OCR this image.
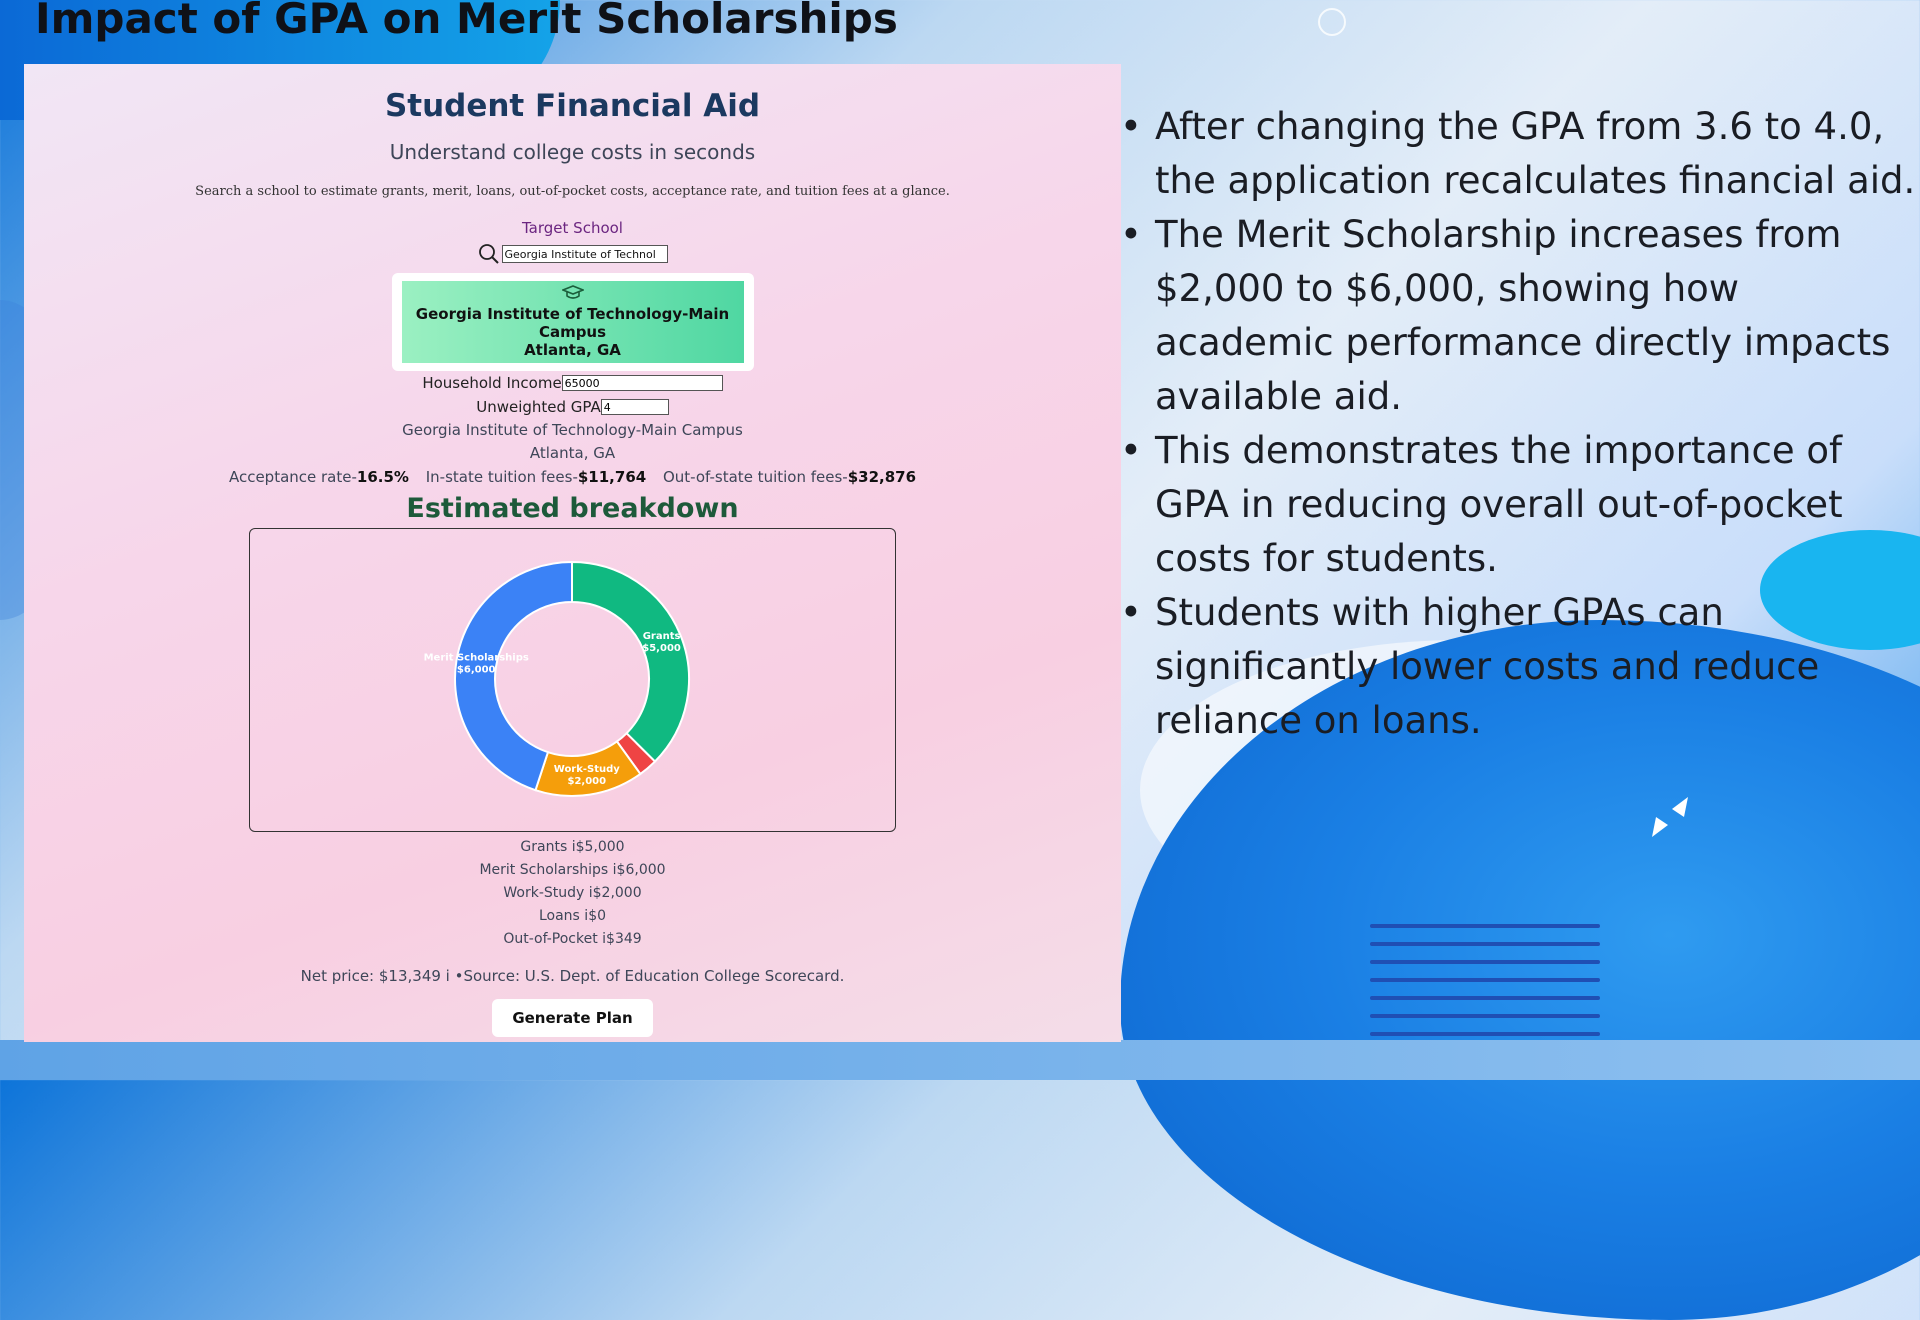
Impact of GPA on Merit Scholarships
Student Financial Aid

Understand college costs in seconds

Search a school to estimate grants, merit, loans, out-of-pocket costs, acceptance rate, and tuition fees at a glance.

Target School
Georgia Institute of Technol
Georgia Institute of Technology-Main Campus
Atlanta, GA
Household Income
65000
Unweighted GPA
4
Georgia Institute of Technology-Main Campus
Atlanta, GA
Acceptance rate-16.5% In-state tuition fees-$11,764 Out-of-state tuition fees-$32,876
Estimated breakdown
Grants
$5,000
Work-Study
$2,000
Merit Scholarships
$6,000
Grants i$5,000
Merit Scholarships i$6,000
Work-Study i$2,000
Loans i$0
Out-of-Pocket i$349
Net price: $13,349 i •Source: U.S. Dept. of Education College Scorecard.
Generate Plan
• After changing the GPA from 3.6 to 4.0, the application recalculates financial aid.
• The Merit Scholarship increases from $2,000 to $6,000, showing how academic performance directly impacts available aid.
• This demonstrates the importance of GPA in reducing overall out-of-pocket costs for students.
• Students with higher GPAs can significantly lower costs and reduce reliance on loans.
